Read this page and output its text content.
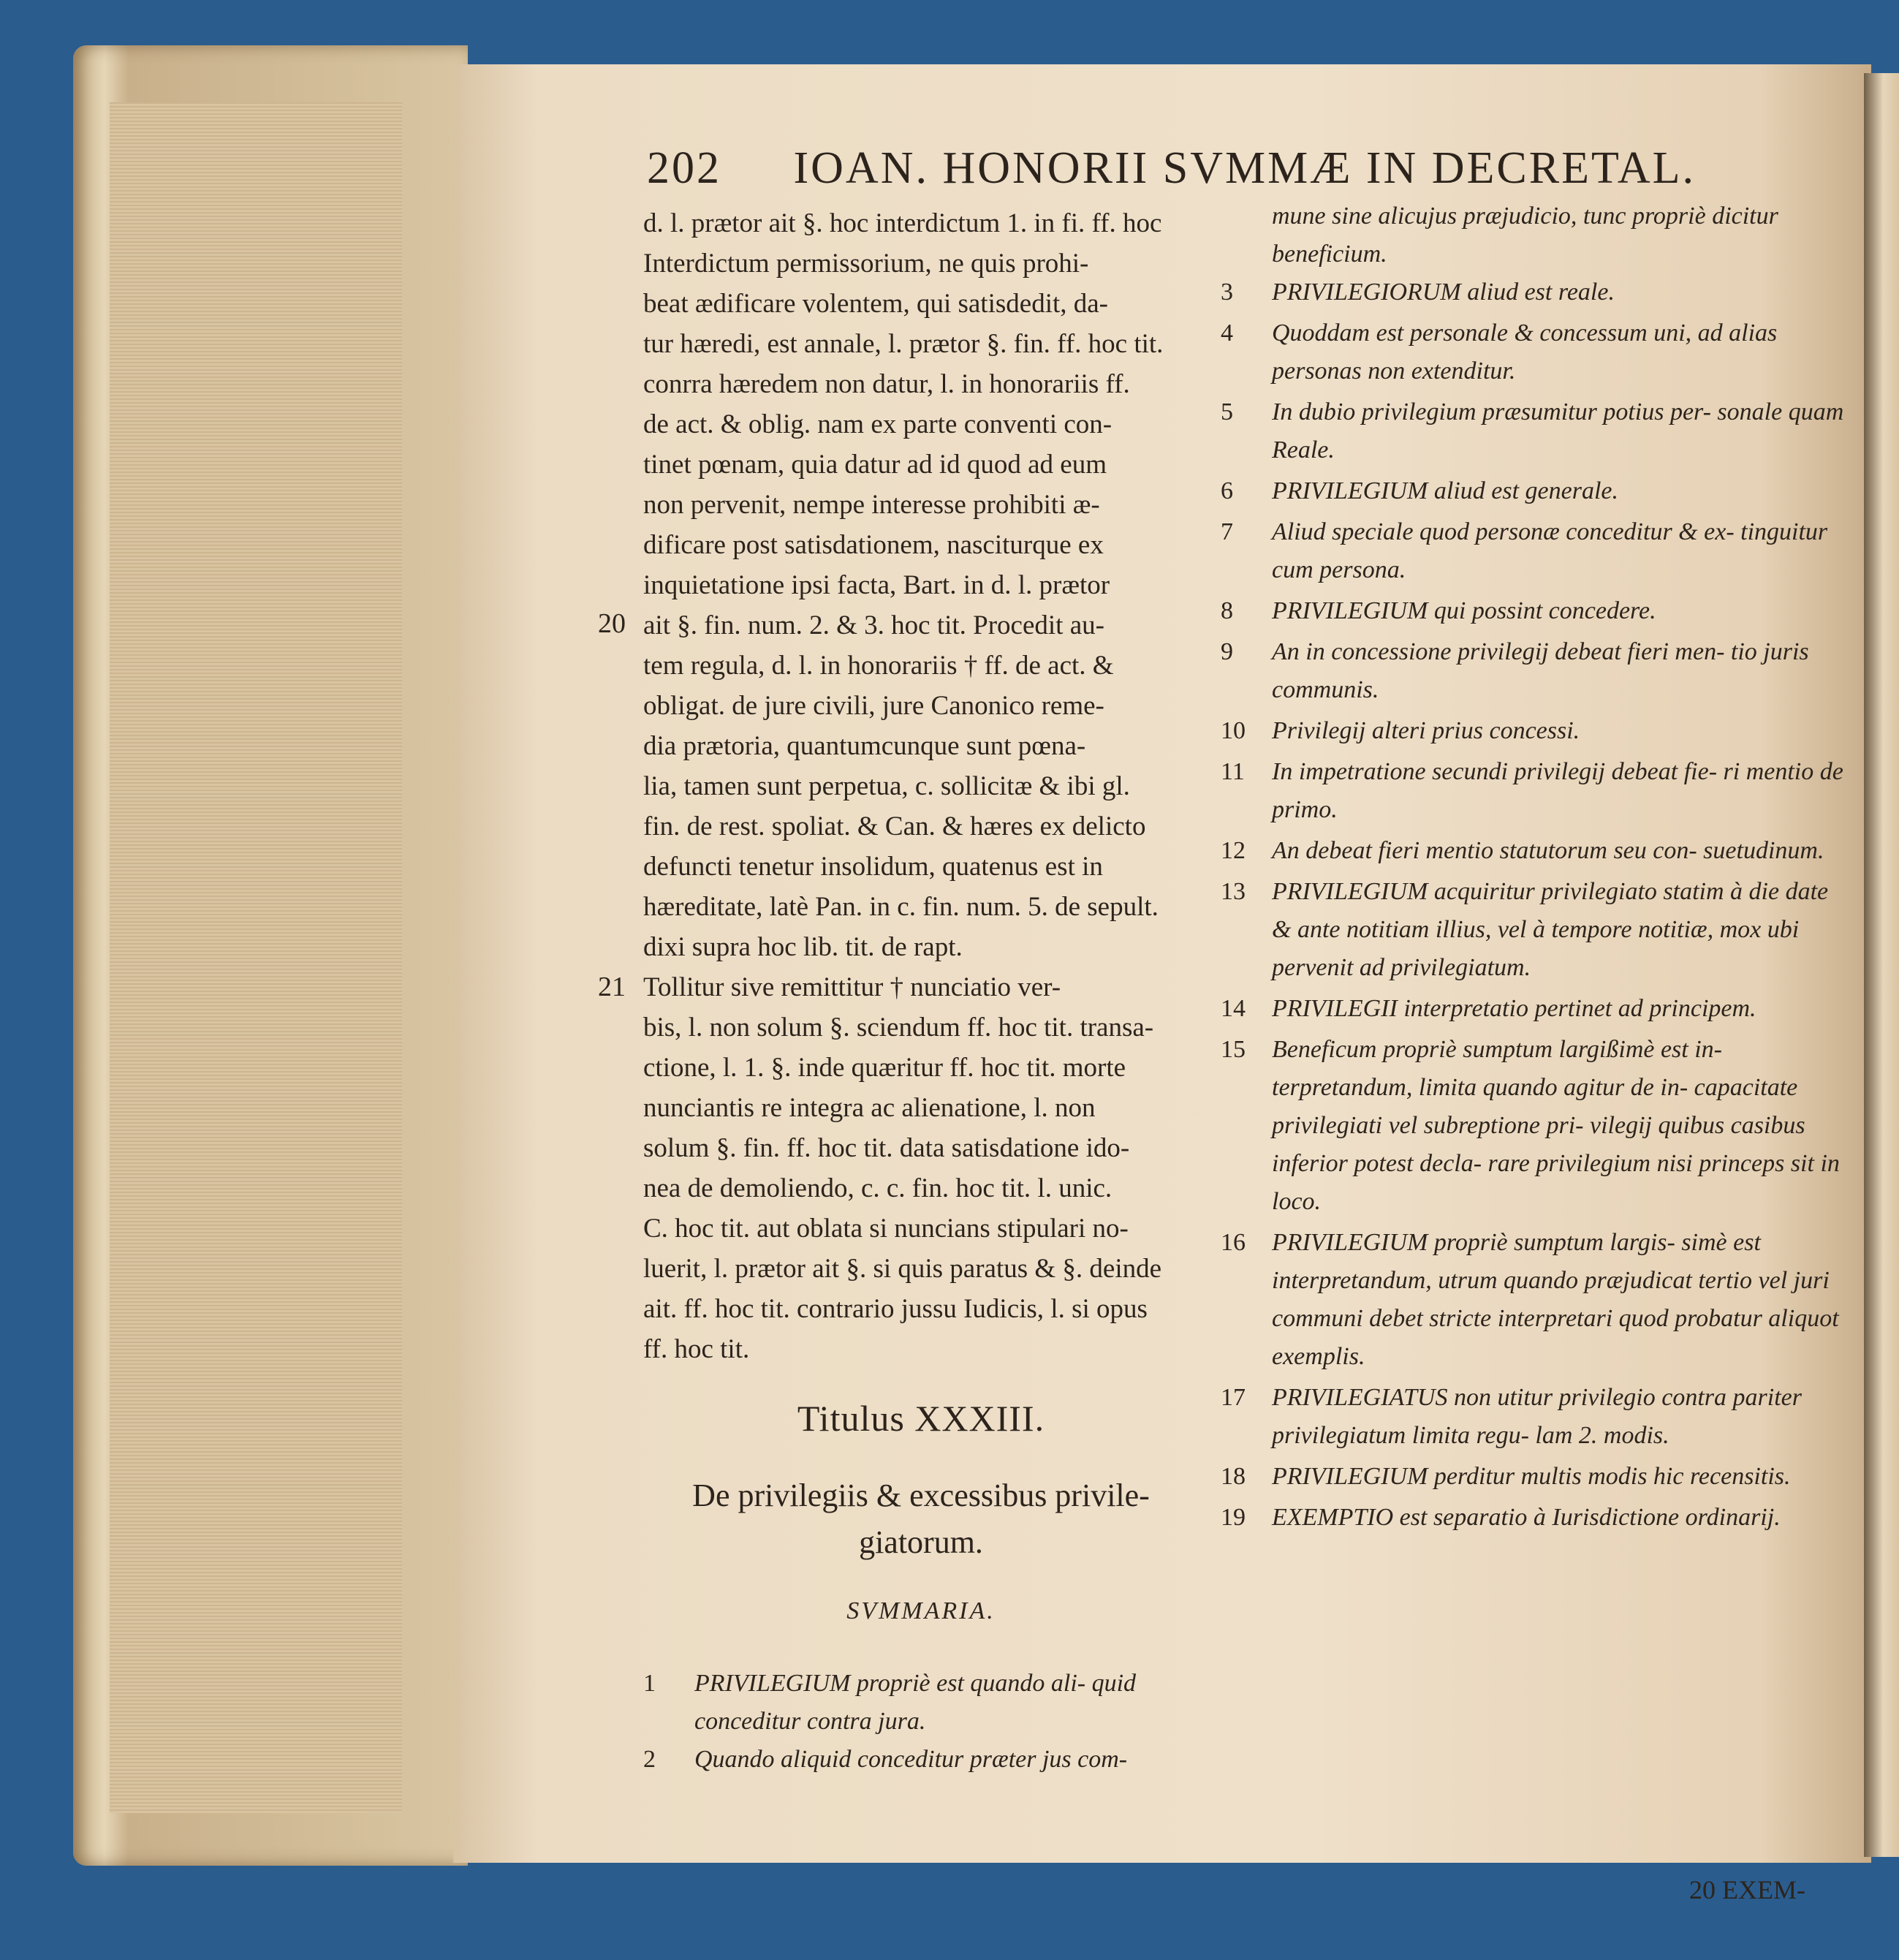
202 IOAN. HONORII SVMMÆ IN DECRETAL.
d. l. prætor ait §. hoc interdictum 1. in fi. ff. hoc
Interdictum permissorium, ne quis prohi-
beat ædificare volentem, qui satisdedit, da-
tur hæredi, est annale, l. prætor §. fin. ff. hoc tit.
conrra hæredem non datur, l. in honorariis ff.
de act. & oblig. nam ex parte conventi con-
tinet pœnam, quia datur ad id quod ad eum
non pervenit, nempe interesse prohibiti æ-
dificare post satisdationem, nasciturque ex
inquietatione ipsi facta, Bart. in d. l. prætor
ait §. fin. num. 2. & 3. hoc tit. Procedit au-
tem regula, d. l. in honorariis † ff. de act. &
obligat. de jure civili, jure Canonico reme-
dia prætoria, quantumcunque sunt pœna-
lia, tamen sunt perpetua, c. sollicitæ & ibi gl.
fin. de rest. spoliat. & Can. & hæres ex delicto
defuncti tenetur insolidum, quatenus est in
hæreditate, latè Pan. in c. fin. num. 5. de sepult.
dixi supra hoc lib. tit. de rapt.
Tollitur sive remittitur † nunciatio ver-
bis, l. non solum §. sciendum ff. hoc tit. transa-
ctione, l. 1. §. inde quæritur ff. hoc tit. morte
nunciantis re integra ac alienatione, l. non
solum §. fin. ff. hoc tit. data satisdatione ido-
nea de demoliendo, c. c. fin. hoc tit. l. unic.
C. hoc tit. aut oblata si nuncians stipulari no-
luerit, l. prætor ait §. si quis paratus & §. deinde
ait. ff. hoc tit. contrario jussu Iudicis, l. si opus
ff. hoc tit.
20
21
Titulus XXXIII.
De privilegiis & excessibus privile-
giatorum.
SVMMARIA.
1 PRIVILEGIUM propriè est quando ali- quid conceditur contra jura.
2 Quando aliquid conceditur præter jus com-
mune sine alicujus præjudicio, tunc propriè dicitur beneficium.
3 PRIVILEGIORUM aliud est reale.
4 Quoddam est personale & concessum uni, ad alias personas non extenditur.
5 In dubio privilegium præsumitur potius per- sonale quam Reale.
6 PRIVILEGIUM aliud est generale.
7 Aliud speciale quod personæ conceditur & ex- tinguitur cum persona.
8 PRIVILEGIUM qui possint concedere.
9 An in concessione privilegij debeat fieri men- tio juris communis.
10 Privilegij alteri prius concessi.
11 In impetratione secundi privilegij debeat fie- ri mentio de primo.
12 An debeat fieri mentio statutorum seu con- suetudinum.
13 PRIVILEGIUM acquiritur privilegiato statim à die date & ante notitiam illius, vel à tempore notitiæ, mox ubi pervenit ad privilegiatum.
14 PRIVILEGII interpretatio pertinet ad principem.
15 Beneficum propriè sumptum largißimè est in- terpretandum, limita quando agitur de in- capacitate privilegiati vel subreptione pri- vilegij quibus casibus inferior potest decla- rare privilegium nisi princeps sit in loco.
16 PRIVILEGIUM propriè sumptum largis- simè est interpretandum, utrum quando præjudicat tertio vel juri communi debet stricte interpretari quod probatur aliquot exemplis.
17 PRIVILEGIATUS non utitur privilegio contra pariter privilegiatum limita regu- lam 2. modis.
18 PRIVILEGIUM perditur multis modis hic recensitis.
19 EXEMPTIO est separatio à Iurisdictione ordinarij.
20 EXEM-
